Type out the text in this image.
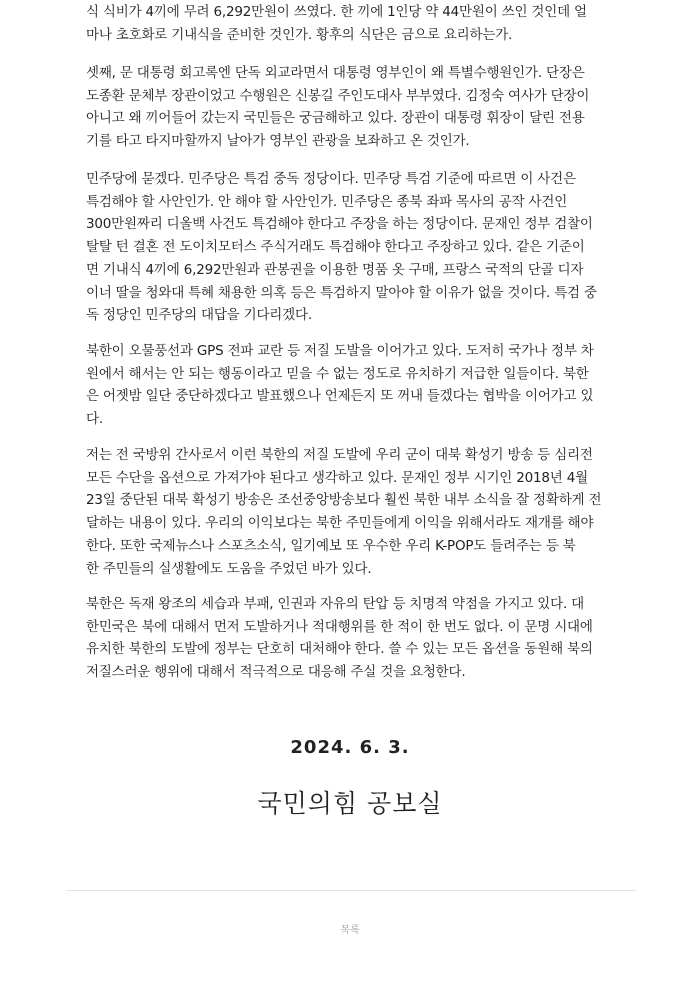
식 식비가 4끼에 무려 6,292만원이 쓰였다. 한 끼에 1인당 약 44만원이 쓰인 것인데 얼
마나 초호화로 기내식을 준비한 것인가. 황후의 식단은 금으로 요리하는가.

셋째, 문 대통령 회고록엔 단독 외교라면서 대통령 영부인이 왜 특별수행원인가. 단장은
도종환 문체부 장관이었고 수행원은 신봉길 주인도대사 부부였다. 김정숙 여사가 단장이
아니고 왜 끼어들어 갔는지 국민들은 궁금해하고 있다. 장관이 대통령 휘장이 달린 전용
기를 타고 타지마할까지 날아가 영부인 관광을 보좌하고 온 것인가.

민주당에 묻겠다. 민주당은 특검 중독 정당이다. 민주당 특검 기준에 따르면 이 사건은
특검해야 할 사안인가. 안 해야 할 사안인가. 민주당은 종북 좌파 목사의 공작 사건인
300만원짜리 디올백 사건도 특검해야 한다고 주장을 하는 정당이다. 문재인 정부 검찰이
탈탈 턴 결혼 전 도이치모터스 주식거래도 특검해야 한다고 주장하고 있다. 같은 기준이
면 기내식 4끼에 6,292만원과 관봉권을 이용한 명품 옷 구매, 프랑스 국적의 단골 디자
이너 딸을 청와대 특혜 채용한 의혹 등은 특검하지 말아야 할 이유가 없을 것이다. 특검 중
독 정당인 민주당의 대답을 기다리겠다.

북한이 오물풍선과 GPS 전파 교란 등 저질 도발을 이어가고 있다. 도저히 국가나 정부 차
원에서 해서는 안 되는 행동이라고 믿을 수 없는 정도로 유치하기 저급한 일들이다. 북한
은 어젯밤 일단 중단하겠다고 발표했으나 언제든지 또 꺼내 들겠다는 협박을 이어가고 있
다.

저는 전 국방위 간사로서 이런 북한의 저질 도발에 우리 군이 대북 확성기 방송 등 심리전
모든 수단을 옵션으로 가져가야 된다고 생각하고 있다. 문재인 정부 시기인 2018년 4월
23일 중단된 대북 확성기 방송은 조선중앙방송보다 훨씬 북한 내부 소식을 잘 정확하게 전
달하는 내용이 있다. 우리의 이익보다는 북한 주민들에게 이익을 위해서라도 재개를 해야
한다. 또한 국제뉴스나 스포츠소식, 일기예보 또 우수한 우리 K-POP도 들려주는 등 북
한 주민들의 실생활에도 도움을 주었던 바가 있다.

북한은 독재 왕조의 세습과 부패, 인권과 자유의 탄압 등 치명적 약점을 가지고 있다. 대
한민국은 북에 대해서 먼저 도발하거나 적대행위를 한 적이 한 번도 없다. 이 문명 시대에
유치한 북한의 도발에 정부는 단호히 대처해야 한다. 쓸 수 있는 모든 옵션을 동원해 북의
저질스러운 행위에 대해서 적극적으로 대응해 주실 것을 요청한다.

2024. 6. 3.
국민의힘 공보실
목록
